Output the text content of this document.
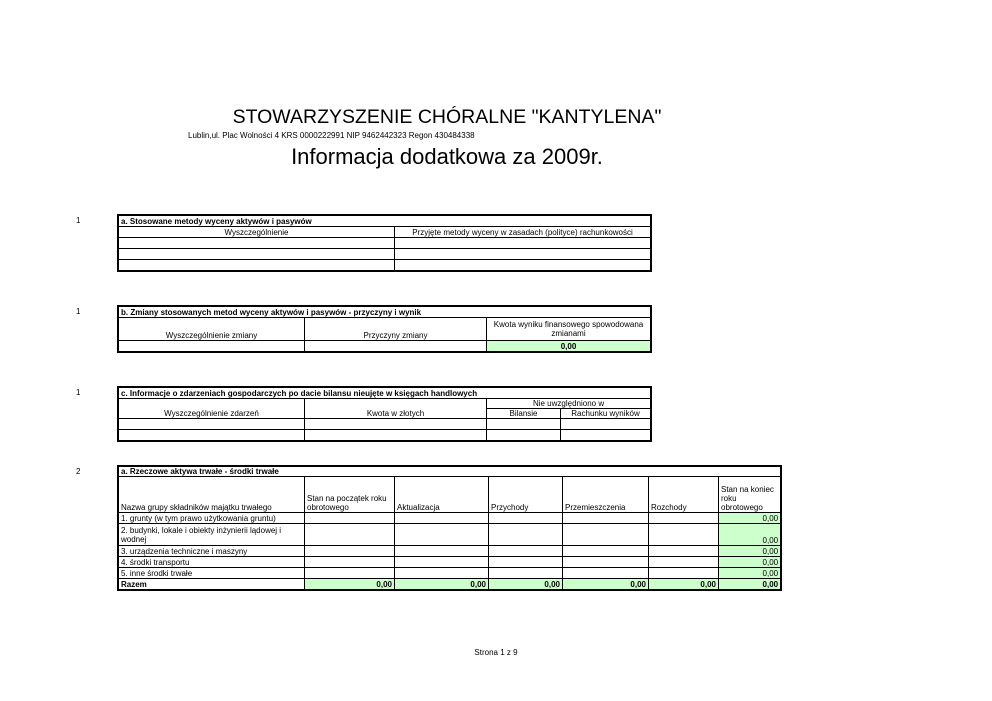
STOWARZYSZENIE CHÓRALNE "KANTYLENA"
Lublin,ul. Plac Wolności 4 KRS 0000222991 NIP 9462442323 Regon 430484338
Informacja dodatkowa za 2009r.
1	a. Stosowane metody wyceny aktywów i pasywów	
Wyszczególnienie	Przyjęte metody wyceny w zasadach (polityce) rachunkowości

1	b. Zmiany stosowanych metod wyceny aktywów i pasywów - przyczyny i wynik		
Wyszczególnienie zmiany	Przyczyny zmiany	Kwota wyniku finansowego spowodowana zmianami
		0,00
1	c. Informacje o zdarzeniach gospodarczych po dacie bilansu nieujęte w księgach handlowych			
Wyszczególnienie zdarzeń	Kwota w złotych	Nie uwzględniono w	
		Bilansie	Rachunku wyników

2	a. Rzeczowe aktywa trwałe - środki trwałe						
Nazwa grupy składników majątku trwałego	Stan na początek roku obrotowego	Aktualizacja	Przychody	Przemieszczenia	Rozchody	Stan na koniec roku obrotowego
1. grunty (w tym prawo użytkowania gruntu)						0,00
2. budynki, lokale i obiekty inżynierii lądowej i wodnej						0,00
3. urządzenia techniczne i maszyny						0,00
4. środki transportu						0,00
5. inne środki trwałe						0,00
Razem	0,00	0,00	0,00	0,00	0,00	0,00
Strona 1 z 9
